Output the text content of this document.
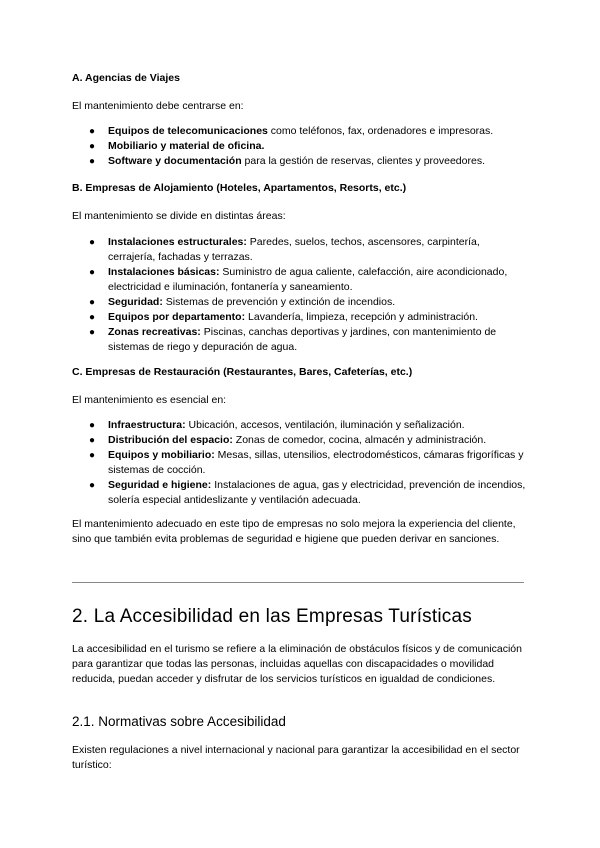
A. Agencias de Viajes

El mantenimiento debe centrarse en:

● Equipos de telecomunicaciones como teléfonos, fax, ordenadores e impresoras.
● Mobiliario y material de oficina.
● Software y documentación para la gestión de reservas, clientes y proveedores.

B. Empresas de Alojamiento (Hoteles, Apartamentos, Resorts, etc.)

El mantenimiento se divide en distintas áreas:

● Instalaciones estructurales: Paredes, suelos, techos, ascensores, carpintería, cerrajería, fachadas y terrazas.
● Instalaciones básicas: Suministro de agua caliente, calefacción, aire acondicionado, electricidad e iluminación, fontanería y saneamiento.
● Seguridad: Sistemas de prevención y extinción de incendios.
● Equipos por departamento: Lavandería, limpieza, recepción y administración.
● Zonas recreativas: Piscinas, canchas deportivas y jardines, con mantenimiento de sistemas de riego y depuración de agua.

C. Empresas de Restauración (Restaurantes, Bares, Cafeterías, etc.)

El mantenimiento es esencial en:

● Infraestructura: Ubicación, accesos, ventilación, iluminación y señalización.
● Distribución del espacio: Zonas de comedor, cocina, almacén y administración.
● Equipos y mobiliario: Mesas, sillas, utensilios, electrodomésticos, cámaras frigoríficas y sistemas de cocción.
● Seguridad e higiene: Instalaciones de agua, gas y electricidad, prevención de incendios, solería especial antideslizante y ventilación adecuada.

El mantenimiento adecuado en este tipo de empresas no solo mejora la experiencia del cliente, sino que también evita problemas de seguridad e higiene que pueden derivar en sanciones.

2. La Accesibilidad en las Empresas Turísticas

La accesibilidad en el turismo se refiere a la eliminación de obstáculos físicos y de comunicación para garantizar que todas las personas, incluidas aquellas con discapacidades o movilidad reducida, puedan acceder y disfrutar de los servicios turísticos en igualdad de condiciones.

2.1. Normativas sobre Accesibilidad

Existen regulaciones a nivel internacional y nacional para garantizar la accesibilidad en el sector turístico:
